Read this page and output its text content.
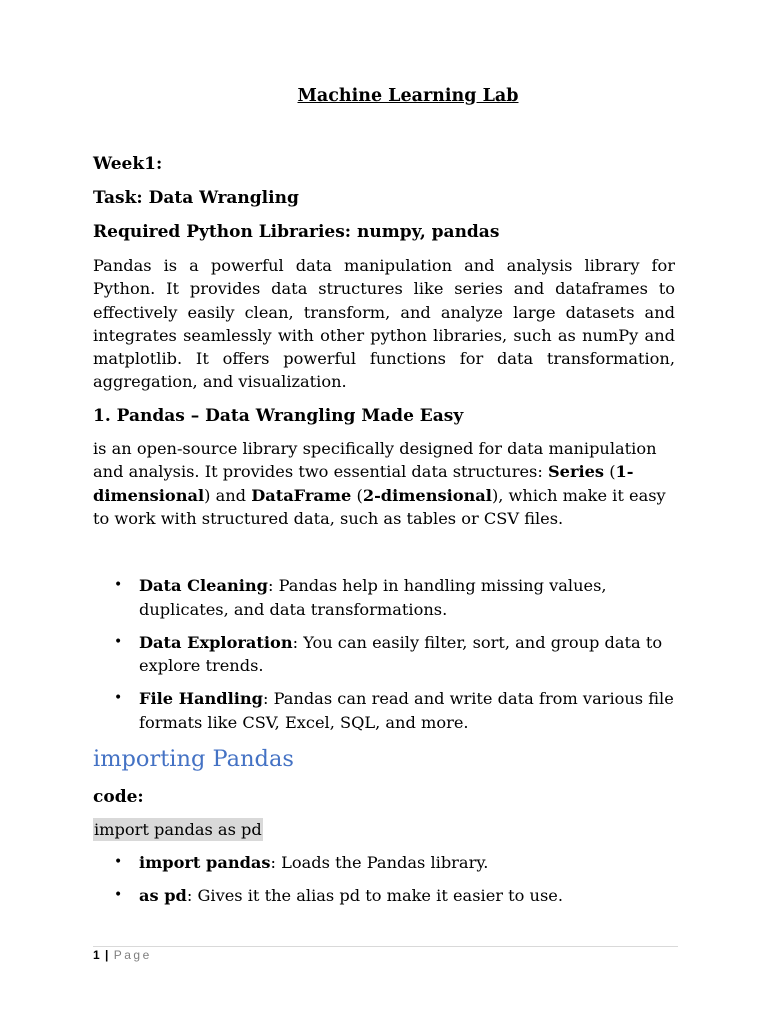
Machine Learning Lab

Week1:

Task: Data Wrangling

Required Python Libraries: numpy, pandas

Pandas is a powerful data manipulation and analysis library for Python. It provides data structures like series and dataframes to effectively easily clean, transform, and analyze large datasets and integrates seamlessly with other python libraries, such as numPy and matplotlib. It offers powerful functions for data transformation, aggregation, and visualization.

1. Pandas – Data Wrangling Made Easy

is an open-source library specifically designed for data manipulation and analysis. It provides two essential data structures: Series (1-dimensional) and DataFrame (2-dimensional), which make it easy to work with structured data, such as tables or CSV files.

• Data Cleaning: Pandas help in handling missing values, duplicates, and data transformations.
• Data Exploration: You can easily filter, sort, and group data to explore trends.
• File Handling: Pandas can read and write data from various file formats like CSV, Excel, SQL, and more.
importing Pandas

code:

import pandas as pd

• import pandas: Loads the Pandas library.
• as pd: Gives it the alias pd to make it easier to use.
1 | Page
